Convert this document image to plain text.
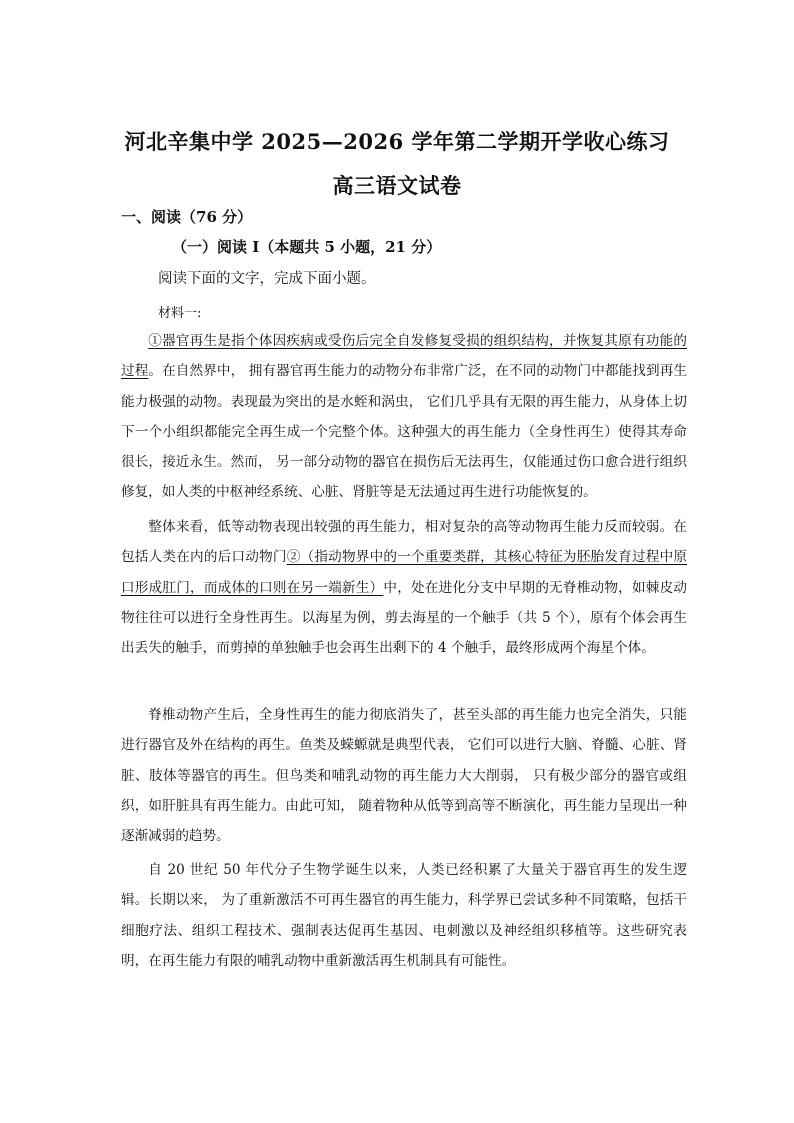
河北辛集中学 2025—2026 学年第二学期开学收心练习
高三语文试卷
一、阅读（76 分）
（一）阅读 I（本题共 5 小题，21 分）
阅读下面的文字，完成下面小题。
材料一:

①器官再生是指个体因疾病或受伤后完全自发修复受损的组织结构，并恢复其原有功能的过程。在自然界中， 拥有器官再生能力的动物分布非常广泛，在不同的动物门中都能找到再生能力极强的动物。表现最为突出的是水蛭和涡虫， 它们几乎具有无限的再生能力，从身体上切下一个小组织都能完全再生成一个完整个体。这种强大的再生能力（全身性再生）使得其寿命很长，接近永生。然而， 另一部分动物的器官在损伤后无法再生，仅能通过伤口愈合进行组织修复，如人类的中枢神经系统、心脏、肾脏等是无法通过再生进行功能恢复的。

整体来看，低等动物表现出较强的再生能力，相对复杂的高等动物再生能力反而较弱。在包括人类在内的后口动物门②（指动物界中的一个重要类群，其核心特征为胚胎发育过程中原口形成肛门，而成体的口则在另一端新生）中，处在进化分支中早期的无脊椎动物，如棘皮动物往往可以进行全身性再生。以海星为例，剪去海星的一个触手（共 5 个），原有个体会再生出丢失的触手，而剪掉的单独触手也会再生出剩下的 4 个触手，最终形成两个海星个体。

脊椎动物产生后，全身性再生的能力彻底消失了，甚至头部的再生能力也完全消失，只能进行器官及外在结构的再生。鱼类及蝾螈就是典型代表， 它们可以进行大脑、脊髓、心脏、肾脏、肢体等器官的再生。但鸟类和哺乳动物的再生能力大大削弱， 只有极少部分的器官或组织，如肝脏具有再生能力。由此可知， 随着物种从低等到高等不断演化，再生能力呈现出一种逐渐减弱的趋势。

自 20 世纪 50 年代分子生物学诞生以来，人类已经积累了大量关于器官再生的发生逻辑。长期以来， 为了重新激活不可再生器官的再生能力，科学界已尝试多种不同策略，包括干细胞疗法、组织工程技术、强制表达促再生基因、电刺激以及神经组织移植等。这些研究表明，在再生能力有限的哺乳动物中重新激活再生机制具有可能性。
